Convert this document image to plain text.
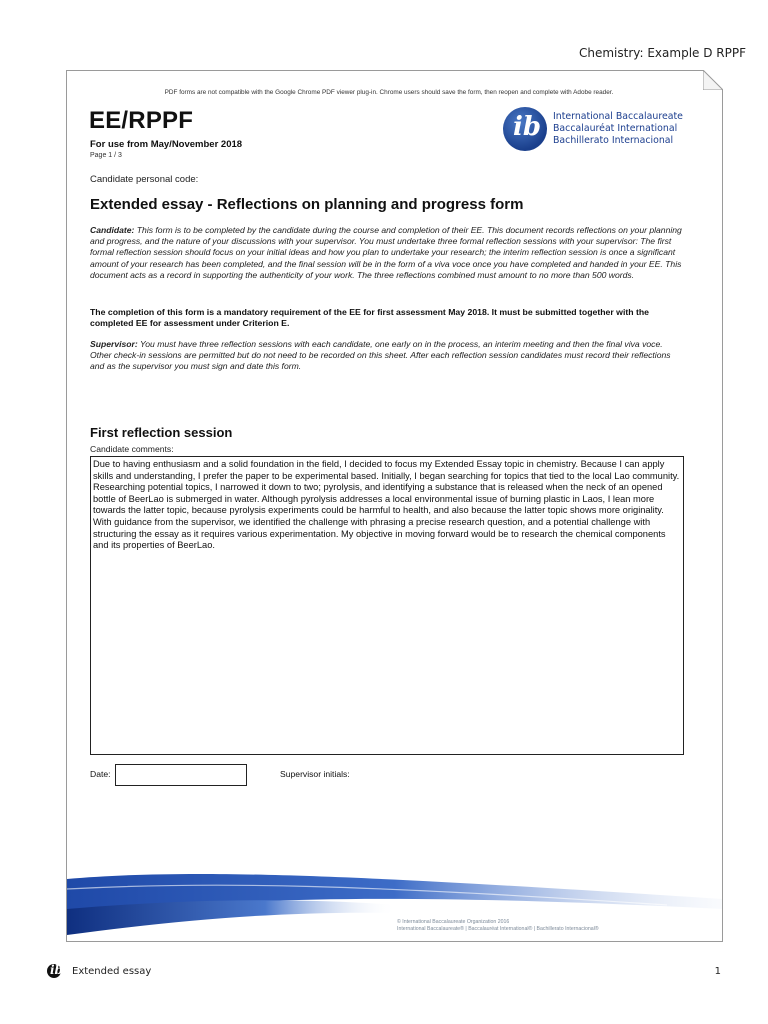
Chemistry: Example D RPPF
PDF forms are not compatible with the Google Chrome PDF viewer plug-in. Chrome users should save the form, then reopen and complete with Adobe reader.
EE/RPPF
For use from May/November 2018
Page 1 / 3
ib International Baccalaureate
Baccalauréat International
Bachillerato Internacional
Candidate personal code:
Extended essay - Reflections on planning and progress form
Candidate: This form is to be completed by the candidate during the course and completion of their EE. This document records reflections on your planning and progress, and the nature of your discussions with your supervisor. You must undertake three formal reflection sessions with your supervisor: The first formal reflection session should focus on your initial ideas and how you plan to undertake your research; the interim reflection session is once a significant amount of your research has been completed, and the final session will be in the form of a viva voce once you have completed and handed in your EE. This document acts as a record in supporting the authenticity of your work. The three reflections combined must amount to no more than 500 words.
The completion of this form is a mandatory requirement of the EE for first assessment May 2018. It must be submitted together with the completed EE for assessment under Criterion E.
Supervisor: You must have three reflection sessions with each candidate, one early on in the process, an interim meeting and then the final viva voce. Other check-in sessions are permitted but do not need to be recorded on this sheet. After each reflection session candidates must record their reflections and as the supervisor you must sign and date this form.
First reflection session
Candidate comments:
Due to having enthusiasm and a solid foundation in the field, I decided to focus my Extended Essay topic in chemistry. Because I can apply skills and understanding, I prefer the paper to be experimental based. Initially, I began searching for topics that tied to the local Lao community. Researching potential topics, I narrowed it down to two; pyrolysis, and identifying a substance that is released when the neck of an opened bottle of BeerLao is submerged in water. Although pyrolysis addresses a local environmental issue of burning plastic in Laos, I lean more towards the latter topic, because pyrolysis experiments could be harmful to health, and also because the latter topic shows more originality. With guidance from the supervisor, we identified the challenge with phrasing a precise research question, and a potential challenge with structuring the essay as it requires various experimentation. My objective in moving forward would be to research the chemical components and its properties of BeerLao.
Date:	Supervisor initials:
© International Baccalaureate Organization 2016
International Baccalaureate® | Baccalauréat International® | Bachillerato Internacional®
ib Extended essay	1
